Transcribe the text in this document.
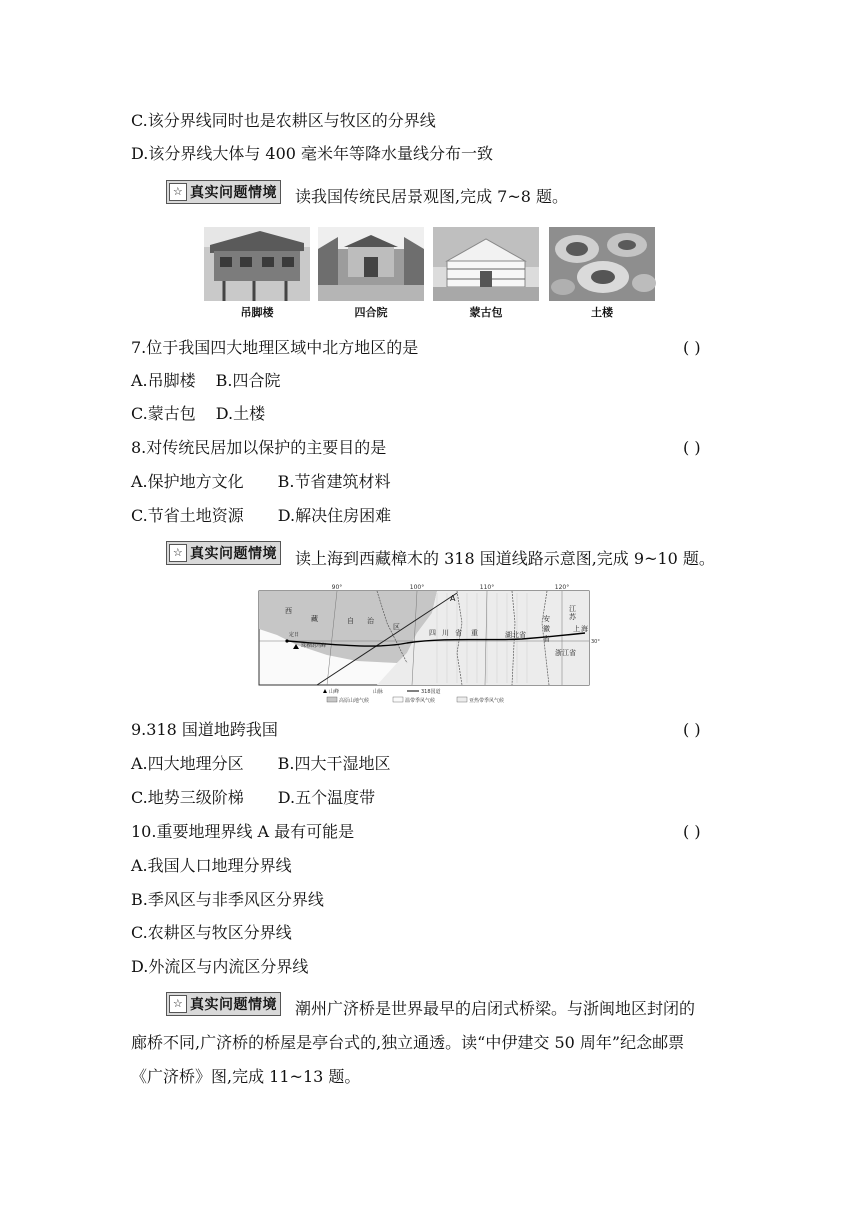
C.该分界线同时也是农耕区与牧区的分界线
D.该分界线大体与 400 毫米年等降水量线分布一致
☆ 真实问题情境 读我国传统民居景观图,完成 7~8 题。
吊脚楼	四合院	蒙古包	土楼
7.位于我国四大地理区域中北方地区的是	( )
A.吊脚楼 B.四合院
C.蒙古包 D.土楼
8.对传统民居加以保护的主要目的是	( )
A.保护地方文化 B.节省建筑材料
C.节省土地资源 D.解决住房困难
☆ 真实问题情境 读上海到西藏樟木的 318 国道线路示意图,完成 9~10 题。
90°	100°	110°	120°
30°
A
西
藏	自 治
区
四 川 省 重	湖北省
安
徽
省
江
苏
上 海
浙江省
定日
珠穆朗玛峰
山峰	山脉	318国道
高原山地气候	温带季风气候	亚热带季风气候
9.318 国道地跨我国	( )
A.四大地理分区 B.四大干湿地区
C.地势三级阶梯 D.五个温度带
10.重要地理界线 A 最有可能是	( )
A.我国人口地理分界线
B.季风区与非季风区分界线
C.农耕区与牧区分界线
D.外流区与内流区分界线
☆ 真实问题情境 潮州广济桥是世界最早的启闭式桥梁。与浙闽地区封闭的
廊桥不同,广济桥的桥屋是亭台式的,独立通透。读“中伊建交 50 周年”纪念邮票
《广济桥》图,完成 11~13 题。
